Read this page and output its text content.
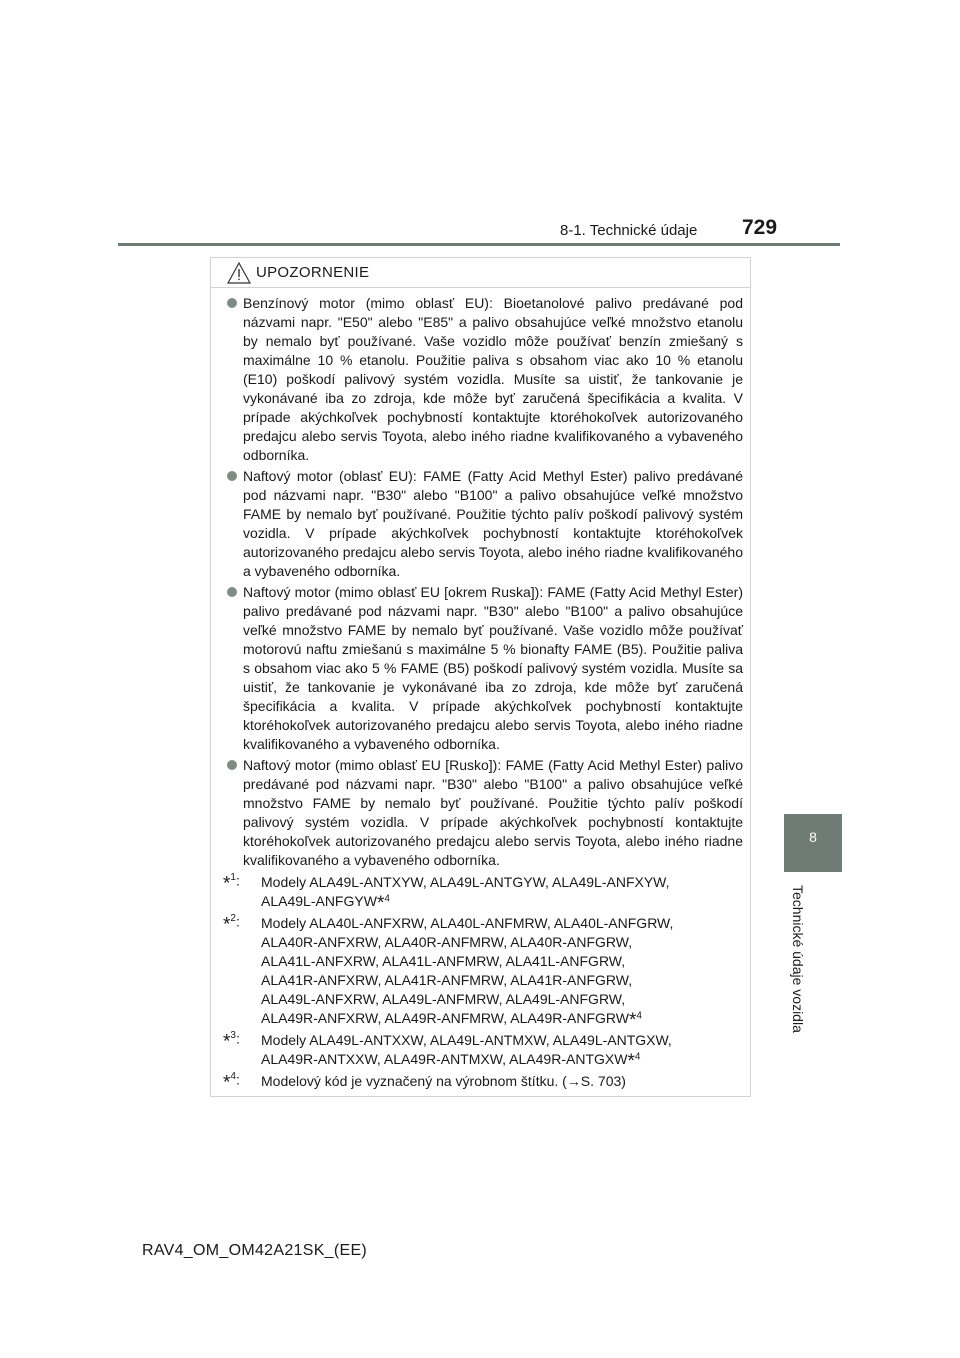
8-1. Technické údaje 729
8
Technické údaje vozidla
UPOZORNENIE
Benzínový motor (mimo oblasť EU): Bioetanolové palivo predávané pod názvami napr. "E50" alebo "E85" a palivo obsahujúce veľké množstvo etanolu by nemalo byť používané. Vaše vozidlo môže používať benzín zmiešaný s maximálne 10 % etanolu. Použitie paliva s obsahom viac ako 10 % etanolu (E10) poškodí palivový systém vozidla. Musíte sa uistiť, že tankovanie je vykonávané iba zo zdroja, kde môže byť zaručená špecifikácia a kvalita. V prípade akýchkoľvek pochybností kontaktujte ktoréhokoľvek autorizovaného predajcu alebo servis Toyota, alebo iného riadne kvalifikovaného a vybaveného odborníka.
Naftový motor (oblasť EU): FAME (Fatty Acid Methyl Ester) palivo predávané pod názvami napr. "B30" alebo "B100" a palivo obsahujúce veľké množstvo FAME by nemalo byť používané. Použitie týchto palív poškodí palivový systém vozidla. V prípade akýchkoľvek pochybností kontaktujte ktoréhokoľvek autorizovaného predajcu alebo servis Toyota, alebo iného riadne kvalifikovaného a vybaveného odborníka.
Naftový motor (mimo oblasť EU [okrem Ruska]): FAME (Fatty Acid Methyl Ester) palivo predávané pod názvami napr. "B30" alebo "B100" a palivo obsahujúce veľké množstvo FAME by nemalo byť používané. Vaše vozidlo môže používať motorovú naftu zmiešanú s maximálne 5 % bionafty FAME (B5). Použitie paliva s obsahom viac ako 5 % FAME (B5) poškodí palivový systém vozidla. Musíte sa uistiť, že tankovanie je vykonávané iba zo zdroja, kde môže byť zaručená špecifikácia a kvalita. V prípade akýchkoľvek pochybností kontaktujte ktoréhokoľvek autorizovaného predajcu alebo servis Toyota, alebo iného riadne kvalifikovaného a vybaveného odborníka.
Naftový motor (mimo oblasť EU [Rusko]): FAME (Fatty Acid Methyl Ester) palivo predávané pod názvami napr. "B30" alebo "B100" a palivo obsahujúce veľké množstvo FAME by nemalo byť používané. Použitie týchto palív poškodí palivový systém vozidla. V prípade akýchkoľvek pochybností kontaktujte ktoréhokoľvek autorizovaného predajcu alebo servis Toyota, alebo iného riadne kvalifikovaného a vybaveného odborníka.
*$^1$: Modely ALA49L-ANTXYW, ALA49L-ANTGYW, ALA49L-ANFXYW,
ALA49L-ANFGYW*$^4$
*$^2$: Modely ALA40L-ANFXRW, ALA40L-ANFMRW, ALA40L-ANFGRW,
ALA40R-ANFXRW, ALA40R-ANFMRW, ALA40R-ANFGRW,
ALA41L-ANFXRW, ALA41L-ANFMRW, ALA41L-ANFGRW,
ALA41R-ANFXRW, ALA41R-ANFMRW, ALA41R-ANFGRW,
ALA49L-ANFXRW, ALA49L-ANFMRW, ALA49L-ANFGRW,
ALA49R-ANFXRW, ALA49R-ANFMRW, ALA49R-ANFGRW*$^4$
*$^3$: Modely ALA49L-ANTXXW, ALA49L-ANTMXW, ALA49L-ANTGXW,
ALA49R-ANTXXW, ALA49R-ANTMXW, ALA49R-ANTGXW*$^4$
*$^4$: Modelový kód je vyznačený na výrobnom štítku. (→S. 703)
RAV4_OM_OM42A21SK_(EE)
